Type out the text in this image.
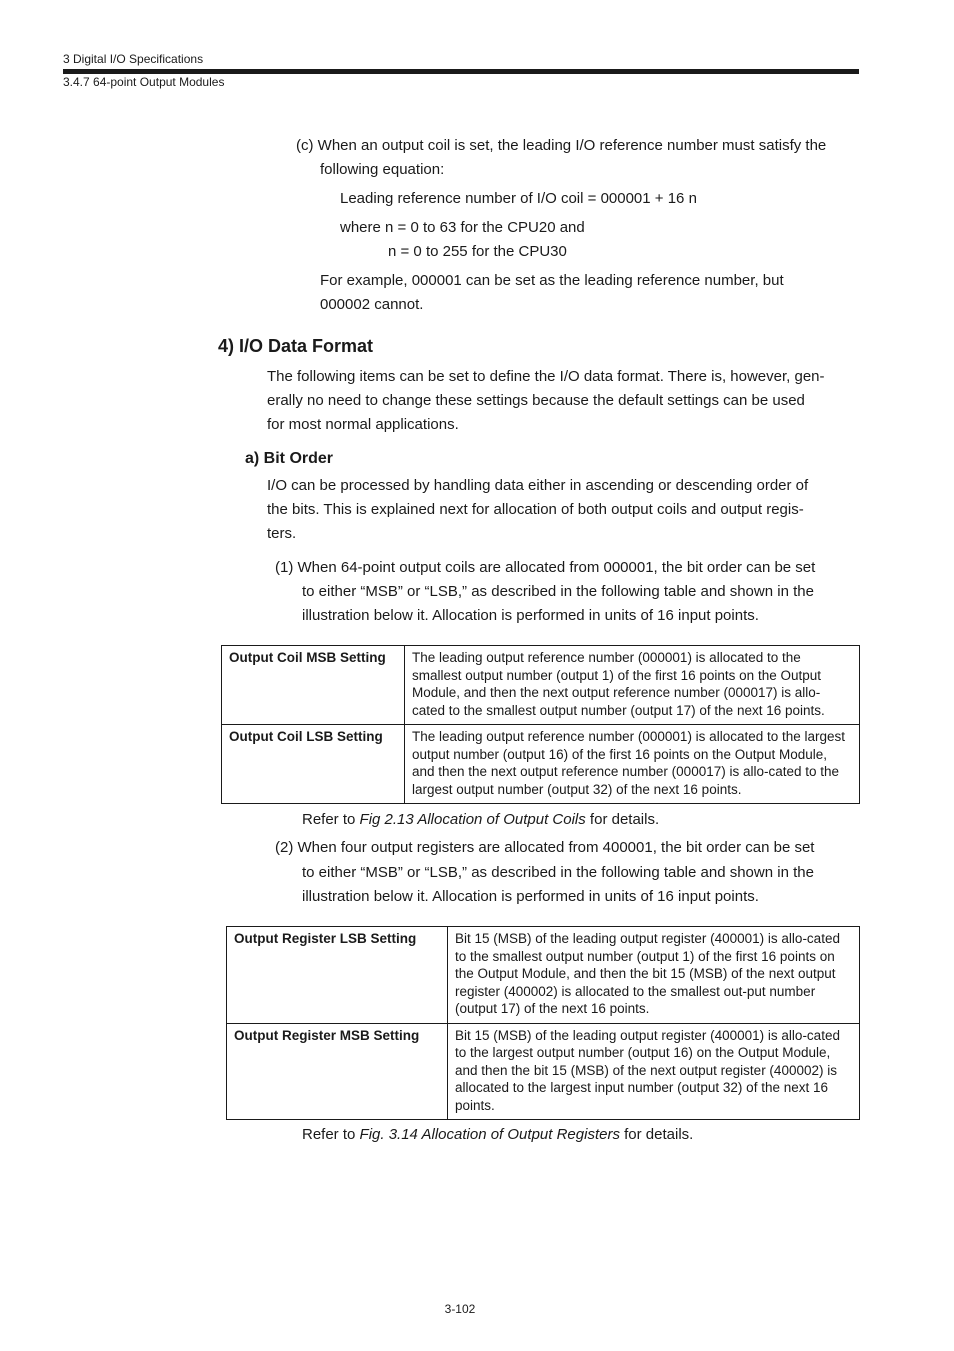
3 Digital I/O Specifications
3.4.7 64-point Output Modules
(c) When an output coil is set, the leading I/O reference number must satisfy the
following equation:
Leading reference number of I/O coil = 000001 + 16 n
where n = 0 to 63 for the CPU20 and
n = 0 to 255 for the CPU30
For example, 000001 can be set as the leading reference number, but
000002 cannot.
4) I/O Data Format
The following items can be set to define the I/O data format. There is, however, gen-
erally no need to change these settings because the default settings can be used
for most normal applications.
a) Bit Order
I/O can be processed by handling data either in ascending or descending order of
the bits. This is explained next for allocation of both output coils and output regis-
ters.
(1) When 64-point output coils are allocated from 000001, the bit order can be set
to either “MSB” or “LSB,” as described in the following table and shown in the
illustration below it. Allocation is performed in units of 16 input points.
Output Coil MSB Setting	The leading output reference number (000001) is allocated to the smallest output number (output 1) of the first 16 points on the Output Module, and then the next output reference number (000017) is allo-cated to the smallest output number (output 17) of the next 16 points.
Output Coil LSB Setting	The leading output reference number (000001) is allocated to the largest output number (output 16) of the first 16 points on the Output Module, and then the next output reference number (000017) is allo-cated to the largest output number (output 32) of the next 16 points.
Refer to Fig 2.13 Allocation of Output Coils for details.
(2) When four output registers are allocated from 400001, the bit order can be set
to either “MSB” or “LSB,” as described in the following table and shown in the
illustration below it. Allocation is performed in units of 16 input points.
Output Register LSB Setting	Bit 15 (MSB) of the leading output register (400001) is allo-cated to the smallest output number (output 1) of the first 16 points on the Output Module, and then the bit 15 (MSB) of the next output register (400002) is allocated to the smallest out-put number (output 17) of the next 16 points.
Output Register MSB Setting	Bit 15 (MSB) of the leading output register (400001) is allo-cated to the largest output number (output 16) on the Output Module, and then the bit 15 (MSB) of the next output register (400002) is allocated to the largest input number (output 32) of the next 16 points.
Refer to Fig. 3.14 Allocation of Output Registers for details.
3-102
